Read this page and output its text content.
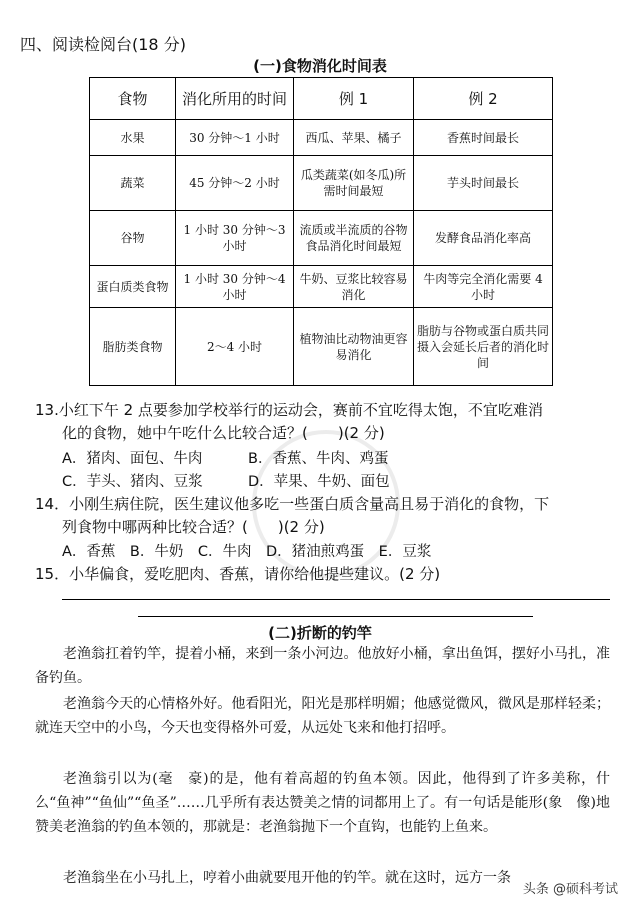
四、阅读检阅台(18 分)
(一)食物消化时间表
食物	消化所用的时间	例 1	例 2
水果	30 分钟～1 小时	西瓜、苹果、橘子	香蕉时间最长
蔬菜	45 分钟～2 小时	瓜类蔬菜(如冬瓜)所需时间最短	芋头时间最长
谷物	1 小时 30 分钟～3 小时	流质或半流质的谷物食品消化时间最短	发酵食品消化率高
蛋白质类食物	1 小时 30 分钟～4 小时	牛奶、豆浆比较容易消化	牛肉等完全消化需要 4 小时
脂肪类食物	2～4 小时	植物油比动物油更容易消化	脂肪与谷物或蛋白质共同摄入会延长后者的消化时间
13.小红下午 2 点要参加学校举行的运动会，赛前不宜吃得太饱，不宜吃难消
化的食物，她中午吃什么比较合适？(　　)(2 分)
A．猪肉、面包、牛肉	B．香蕉、牛肉、鸡蛋
C．芋头、猪肉、豆浆	D．苹果、牛奶、面包
14．小刚生病住院，医生建议他多吃一些蛋白质含量高且易于消化的食物，下
列食物中哪两种比较合适？(　　)(2 分)
A．香蕉　B．牛奶　C．牛肉　D．猪油煎鸡蛋　E．豆浆
15．小华偏食，爱吃肥肉、香蕉，请你给他提些建议。(2 分)
(二)折断的钓竿
老渔翁扛着钓竿，提着小桶，来到一条小河边。他放好小桶，拿出鱼饵，摆好小马扎，准备钓鱼。
老渔翁今天的心情格外好。他看阳光，阳光是那样明媚；他感觉微风，微风是那样轻柔；就连天空中的小鸟，今天也变得格外可爱，从远处飞来和他打招呼。
老渔翁引以为(毫　豪)的是，他有着高超的钓鱼本领。因此，他得到了许多美称，什么“鱼神”“鱼仙”“鱼圣”……几乎所有表达赞美之情的词都用上了。有一句话是能形(象　像)地赞美老渔翁的钓鱼本领的，那就是：老渔翁抛下一个直钩，也能钓上鱼来。
老渔翁坐在小马扎上，哼着小曲就要甩开他的钓竿。就在这时，远方一条
头条 @硕科考试
